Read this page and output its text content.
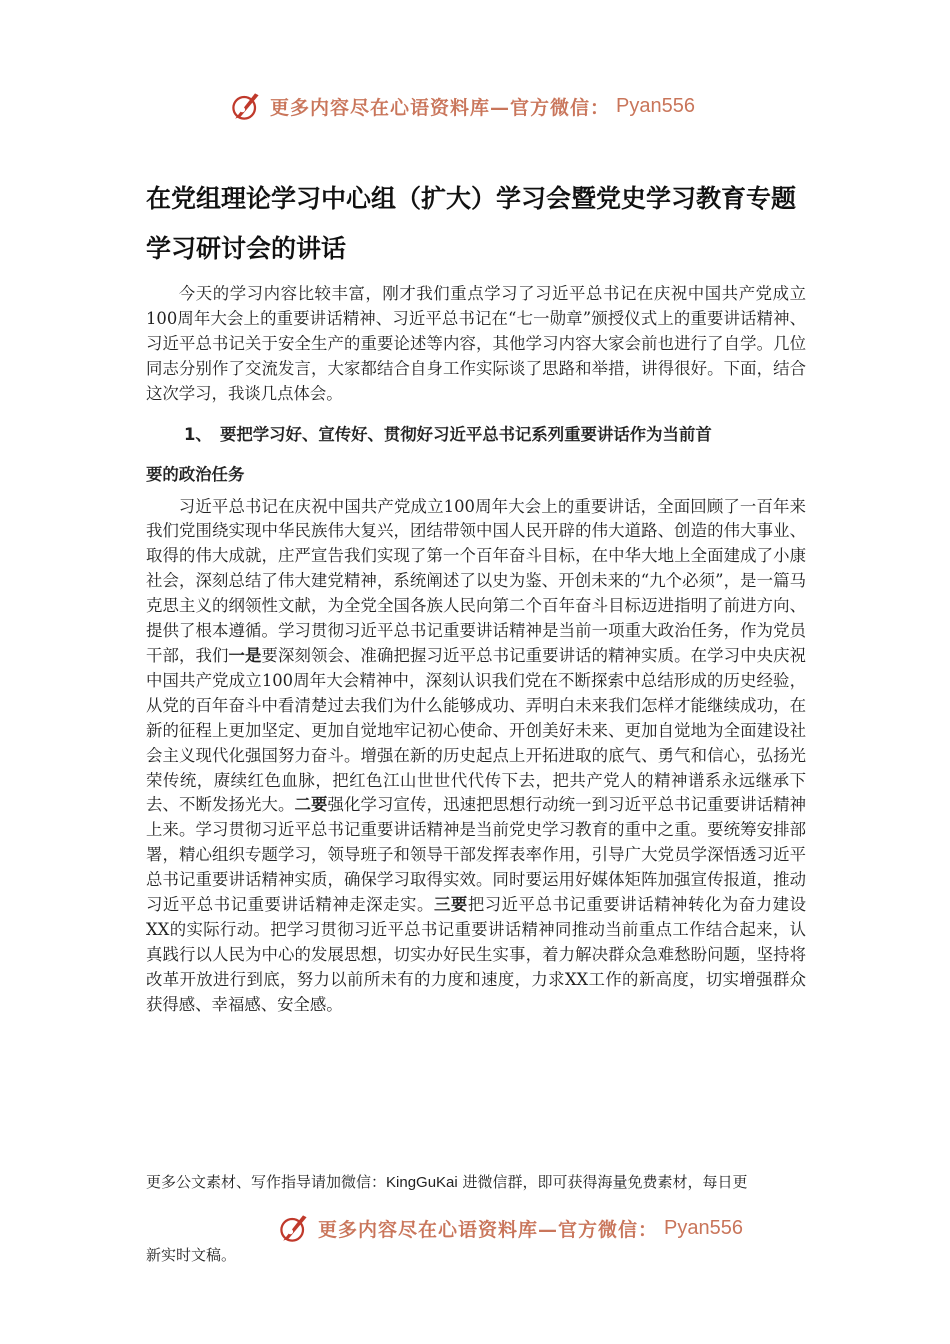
更多内容尽在心语资料库—官方微信： Pyan556
在党组理论学习中心组（扩大）学习会暨党史学习教育专题学习研讨会的讲话

今天的学习内容比较丰富，刚才我们重点学习了习近平总书记在庆祝中国共产党成立100周年大会上的重要讲话精神、习近平总书记在“七一勋章”颁授仪式上的重要讲话精神、习近平总书记关于安全生产的重要论述等内容，其他学习内容大家会前也进行了自学。几位同志分别作了交流发言，大家都结合自身工作实际谈了思路和举措，讲得很好。下面，结合这次学习，我谈几点体会。

1、 要把学习好、宣传好、贯彻好习近平总书记系列重要讲话作为当前首
要的政治任务

习近平总书记在庆祝中国共产党成立100周年大会上的重要讲话，全面回顾了一百年来我们党围绕实现中华民族伟大复兴，团结带领中国人民开辟的伟大道路、创造的伟大事业、取得的伟大成就，庄严宣告我们实现了第一个百年奋斗目标，在中华大地上全面建成了小康社会，深刻总结了伟大建党精神，系统阐述了以史为鉴、开创未来的“九个必须”，是一篇马克思主义的纲领性文献，为全党全国各族人民向第二个百年奋斗目标迈进指明了前进方向、提供了根本遵循。学习贯彻习近平总书记重要讲话精神是当前一项重大政治任务，作为党员干部，我们一是要深刻领会、准确把握习近平总书记重要讲话的精神实质。在学习中央庆祝中国共产党成立100周年大会精神中，深刻认识我们党在不断探索中总结形成的历史经验，从党的百年奋斗中看清楚过去我们为什么能够成功、弄明白未来我们怎样才能继续成功，在新的征程上更加坚定、更加自觉地牢记初心使命、开创美好未来、更加自觉地为全面建设社会主义现代化强国努力奋斗。增强在新的历史起点上开拓进取的底气、勇气和信心，弘扬光荣传统，赓续红色血脉，把红色江山世世代代传下去，把共产党人的精神谱系永远继承下去、不断发扬光大。二要强化学习宣传，迅速把思想行动统一到习近平总书记重要讲话精神上来。学习贯彻习近平总书记重要讲话精神是当前党史学习教育的重中之重。要统筹安排部署，精心组织专题学习，领导班子和领导干部发挥表率作用，引导广大党员学深悟透习近平总书记重要讲话精神实质，确保学习取得实效。同时要运用好媒体矩阵加强宣传报道，推动习近平总书记重要讲话精神走深走实。三要把习近平总书记重要讲话精神转化为奋力建设XX的实际行动。把学习贯彻习近平总书记重要讲话精神同推动当前重点工作结合起来，认真践行以人民为中心的发展思想，切实办好民生实事，着力解决群众急难愁盼问题，坚持将改革开放进行到底，努力以前所未有的力度和速度，力求XX工作的新高度，切实增强群众获得感、幸福感、安全感。

更多公文素材、写作指导请加微信：KingGuKai 进微信群，即可获得海量免费素材，每日更
更多内容尽在心语资料库—官方微信： Pyan556
新实时文稿。
